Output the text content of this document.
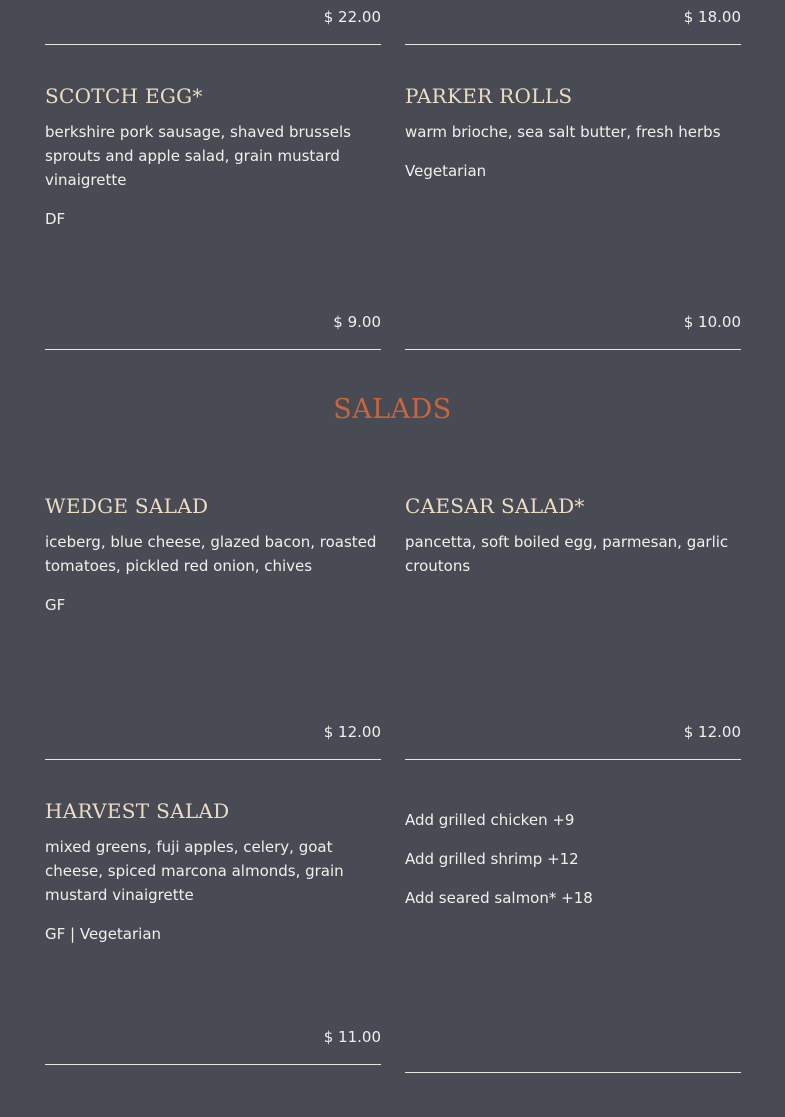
$ 22.00	$ 18.00
SCOTCH EGG*
berkshire pork sausage, shaved brussels sprouts and apple salad, grain mustard vinaigrette
DF
$ 9.00
PARKER ROLLS
warm brioche, sea salt butter, fresh herbs
Vegetarian
$ 10.00
SALADS
WEDGE SALAD
iceberg, blue cheese, glazed bacon, roasted tomatoes, pickled red onion, chives
GF
$ 12.00
CAESAR SALAD*
pancetta, soft boiled egg, parmesan, garlic croutons
$ 12.00
HARVEST SALAD
mixed greens, fuji apples, celery, goat cheese, spiced marcona almonds, grain mustard vinaigrette
GF | Vegetarian
$ 11.00
Add grilled chicken +9
Add grilled shrimp +12
Add seared salmon* +18
